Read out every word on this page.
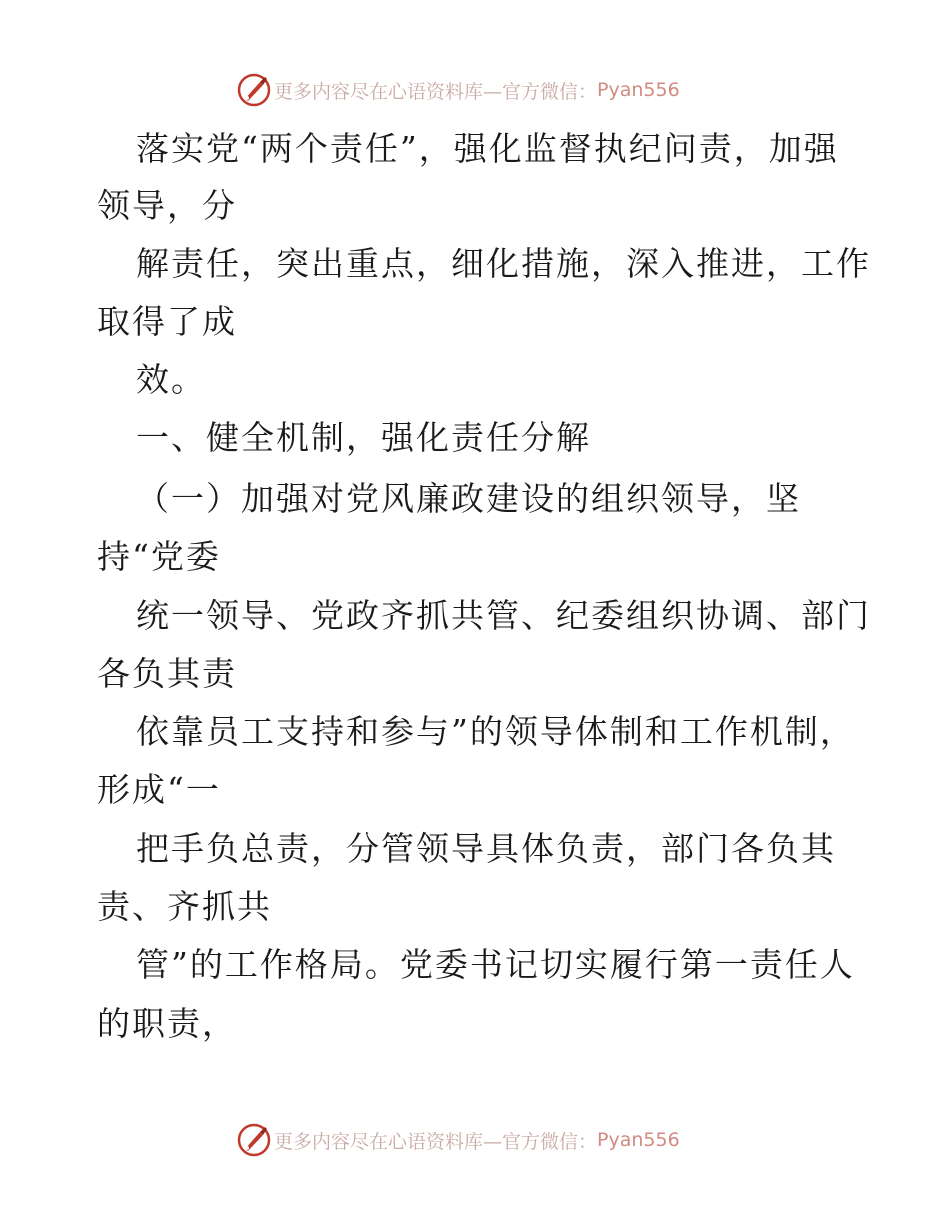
更多内容尽在心语资料库—官方微信： Pyan556
落实党“两个责任”，强化监督执纪问责，加强
领导，分
解责任，突出重点，细化措施，深入推进，工作
取得了成
效。
一、健全机制，强化责任分解
（一）加强对党风廉政建设的组织领导，坚
持“党委
统一领导、党政齐抓共管、纪委组织协调、部门
各负其责
依靠员工支持和参与”的领导体制和工作机制，
形成“一
把手负总责，分管领导具体负责，部门各负其
责、齐抓共
管”的工作格局。党委书记切实履行第一责任人
的职责，
更多内容尽在心语资料库—官方微信： Pyan556
